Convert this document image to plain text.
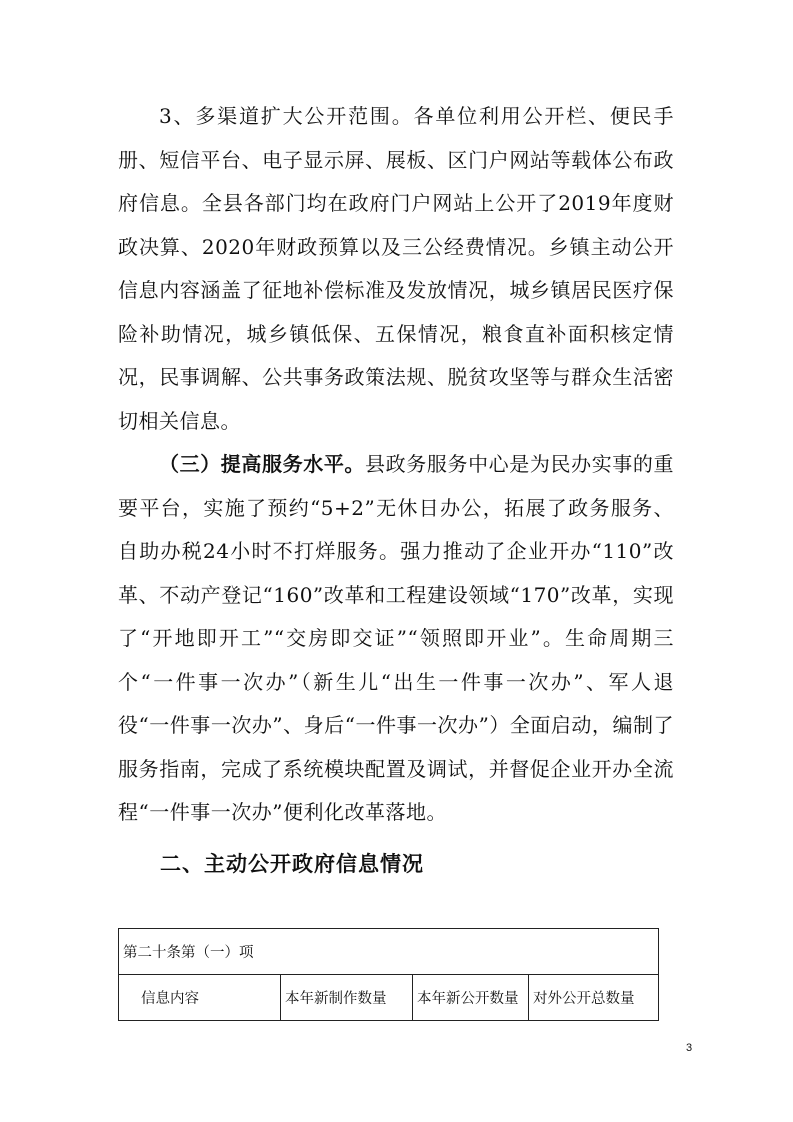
3、多渠道扩大公开范围。各单位利用公开栏、便民手册、短信平台、电子显示屏、展板、区门户网站等载体公布政府信息。全县各部门均在政府门户网站上公开了2019年度财政决算、2020年财政预算以及三公经费情况。乡镇主动公开信息内容涵盖了征地补偿标准及发放情况，城乡镇居民医疗保险补助情况，城乡镇低保、五保情况，粮食直补面积核定情况，民事调解、公共事务政策法规、脱贫攻坚等与群众生活密切相关信息。

（三）提高服务水平。县政务服务中心是为民办实事的重要平台，实施了预约“5+2”无休日办公，拓展了政务服务、自助办税24小时不打烊服务。强力推动了企业开办“110”改革、不动产登记“160”改革和工程建设领域“170”改革，实现了“开地即开工”“交房即交证”“领照即开业”。生命周期三个“一件事一次办”（新生儿“出生一件事一次办”、军人退役“一件事一次办”、身后“一件事一次办”）全面启动，编制了服务指南，完成了系统模块配置及调试，并督促企业开办全流程“一件事一次办”便利化改革落地。

二、主动公开政府信息情况
第二十条第（一）项
信息内容	本年新制作数量	本年新公开数量	对外公开总数量
3
